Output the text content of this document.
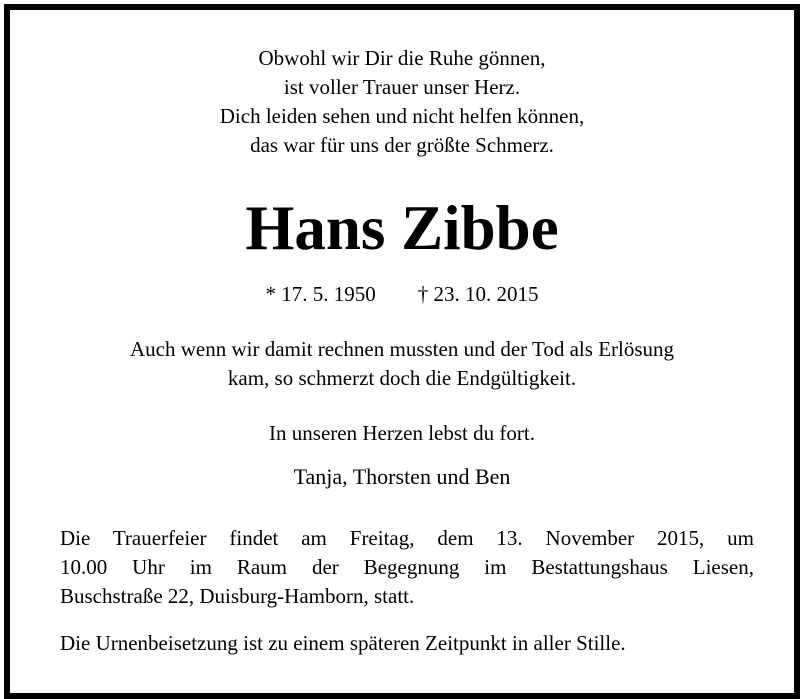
Obwohl wir Dir die Ruhe gönnen,
ist voller Trauer unser Herz.
Dich leiden sehen und nicht helfen können,
das war für uns der größte Schmerz.
Hans Zibbe
* 17. 5. 1950 † 23. 10. 2015
Auch wenn wir damit rechnen mussten und der Tod als Erlösung
kam, so schmerzt doch die Endgültigkeit.
In unseren Herzen lebst du fort.
Tanja, Thorsten und Ben
Die Trauerfeier findet am Freitag, dem 13. November 2015, um
10.00 Uhr im Raum der Begegnung im Bestattungshaus Liesen,
Buschstraße 22, Duisburg-Hamborn, statt.
Die Urnenbeisetzung ist zu einem späteren Zeitpunkt in aller Stille.
